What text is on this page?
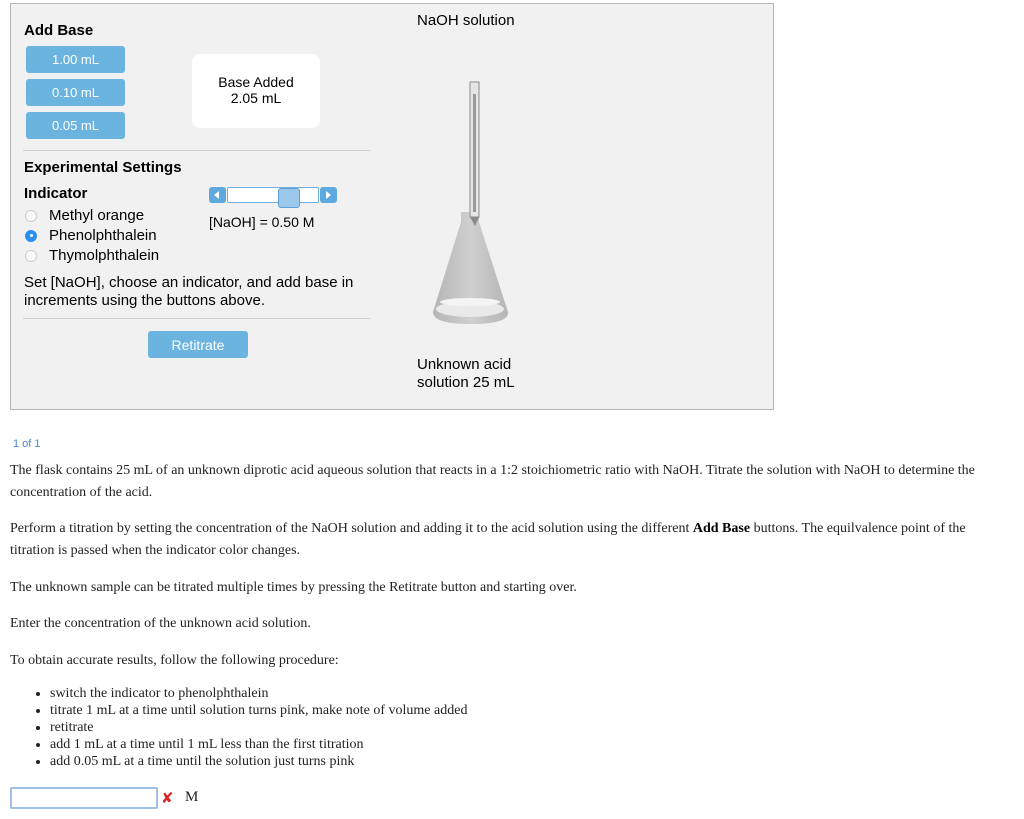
Add Base
1.00 mL
0.10 mL
0.05 mL
Base Added
2.05 mL
Experimental Settings
Indicator
Methyl orange
Phenolphthalein
Thymolphthalein
[NaOH] = 0.50 M
Set [NaOH], choose an indicator, and add base in increments using the buttons above.
Retitrate
NaOH solution
Unknown acid
solution 25 mL
1 of 1
The flask contains 25 mL of an unknown diprotic acid aqueous solution that reacts in a 1:2 stoichiometric ratio with NaOH. Titrate the solution with NaOH to determine the concentration of the acid.
Perform a titration by setting the concentration of the NaOH solution and adding it to the acid solution using the different Add Base buttons. The equilvalence point of the titration is passed when the indicator color changes.
The unknown sample can be titrated multiple times by pressing the Retitrate button and starting over.
Enter the concentration of the unknown acid solution.
To obtain accurate results, follow the following procedure:
• switch the indicator to phenolphthalein
• titrate 1 mL at a time until solution turns pink, make note of volume added
• retitrate
• add 1 mL at a time until 1 mL less than the first titration
• add 0.05 mL at a time until the solution just turns pink
✘ M
